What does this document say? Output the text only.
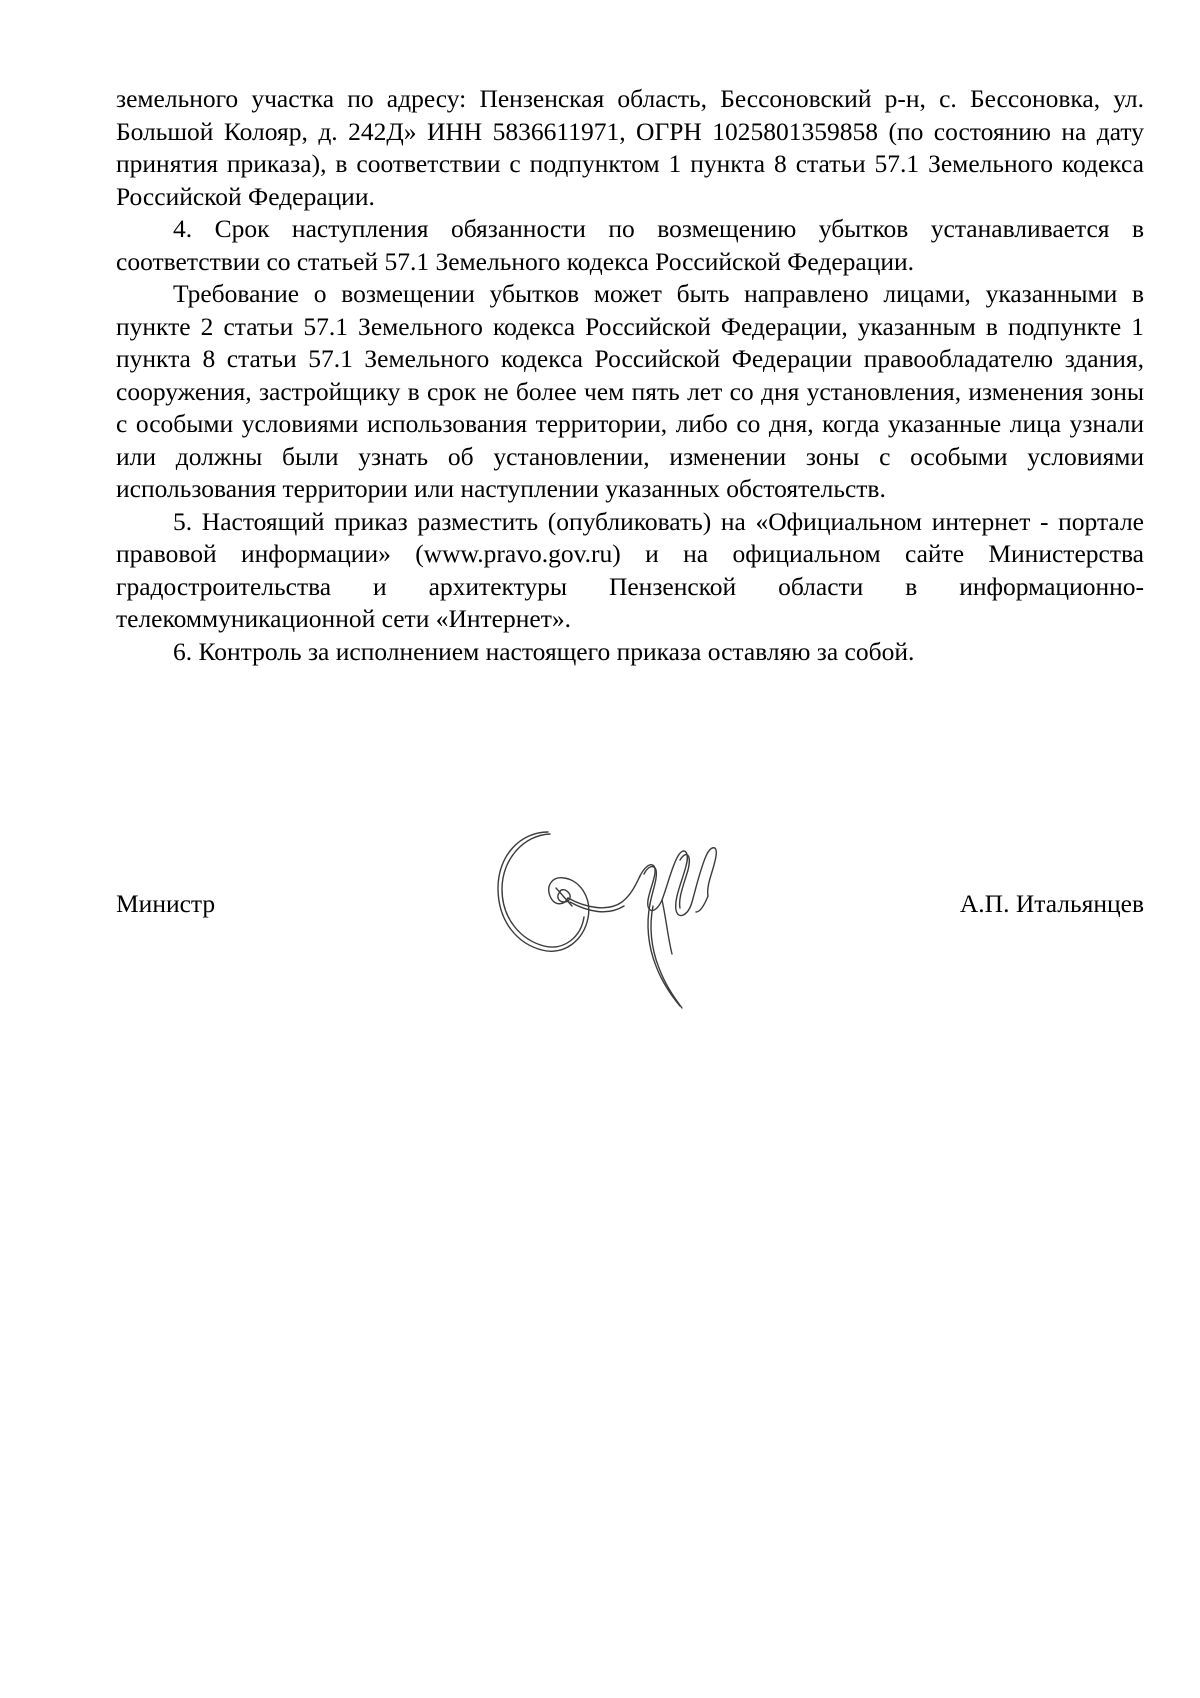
земельного участка по адресу: Пензенская область, Бессоновский р-н, с. Бессоновка, ул. Большой Колояр, д. 242Д» ИНН 5836611971, ОГРН 1025801359858 (по состоянию на дату принятия приказа), в соответствии с подпунктом 1 пункта 8 статьи 57.1 Земельного кодекса Российской Федерации.

4. Срок наступления обязанности по возмещению убытков устанавливается в соответствии со статьей 57.1 Земельного кодекса Российской Федерации.

Требование о возмещении убытков может быть направлено лицами, указанными в пункте 2 статьи 57.1 Земельного кодекса Российской Федерации, указанным в подпункте 1 пункта 8 статьи 57.1 Земельного кодекса Российской Федерации правообладателю здания, сооружения, застройщику в срок не более чем пять лет со дня установления, изменения зоны с особыми условиями использования территории, либо со дня, когда указанные лица узнали или должны были узнать об установлении, изменении зоны с особыми условиями использования территории или наступлении указанных обстоятельств.

5. Настоящий приказ разместить (опубликовать) на «Официальном интернет - портале правовой информации» (www.pravo.gov.ru) и на официальном сайте Министерства градостроительства и архитектуры Пензенской области в информационно-телекоммуникационной сети «Интернет».

6. Контроль за исполнением настоящего приказа оставляю за собой.

Министр	А.П. Итальянцев
